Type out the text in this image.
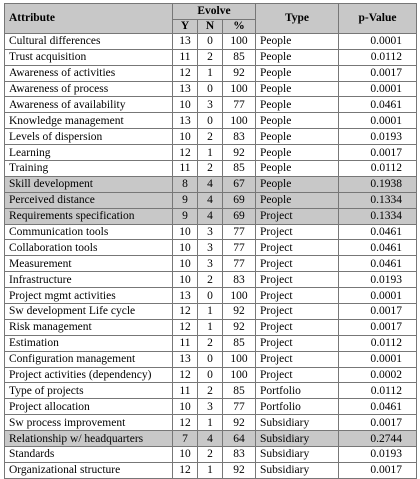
Attribute	Evolve			Type	p-Value
	Y	N	%		
Cultural differences	13	0	100	People	0.0001
Trust acquisition	11	2	85	People	0.0112
Awareness of activities	12	1	92	People	0.0017
Awareness of process	13	0	100	People	0.0001
Awareness of availability	10	3	77	People	0.0461
Knowledge management	13	0	100	People	0.0001
Levels of dispersion	10	2	83	People	0.0193
Learning	12	1	92	People	0.0017
Training	11	2	85	People	0.0112
Skill development	8	4	67	People	0.1938
Perceived distance	9	4	69	People	0.1334
Requirements specification	9	4	69	Project	0.1334
Communication tools	10	3	77	Project	0.0461
Collaboration tools	10	3	77	Project	0.0461
Measurement	10	3	77	Project	0.0461
Infrastructure	10	2	83	Project	0.0193
Project mgmt activities	13	0	100	Project	0.0001
Sw development Life cycle	12	1	92	Project	0.0017
Risk management	12	1	92	Project	0.0017
Estimation	11	2	85	Project	0.0112
Configuration management	13	0	100	Project	0.0001
Project activities (dependency)	12	0	100	Project	0.0002
Type of projects	11	2	85	Portfolio	0.0112
Project allocation	10	3	77	Portfolio	0.0461
Sw process improvement	12	1	92	Subsidiary	0.0017
Relationship w/ headquarters	7	4	64	Subsidiary	0.2744
Standards	10	2	83	Subsidiary	0.0193
Organizational structure	12	1	92	Subsidiary	0.0017
